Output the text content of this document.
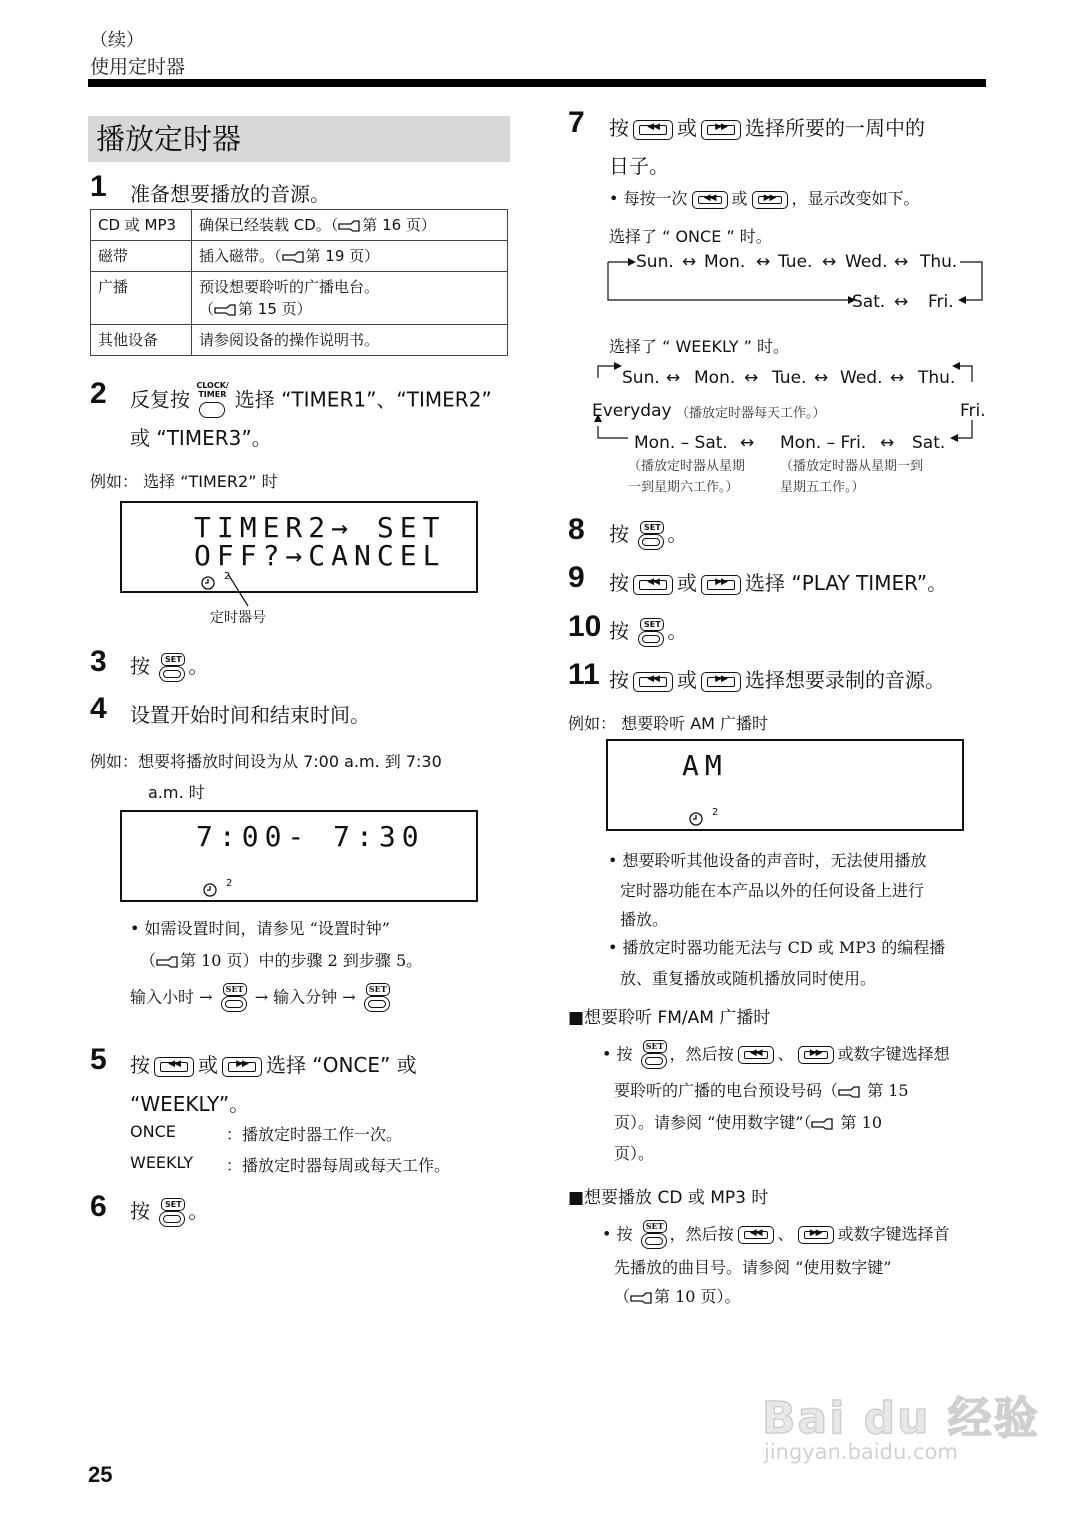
（续）
使用定时器
播放定时器
1 准备想要播放的音源。
CD 或 MP3	确保已经装载 CD。（ 第 16 页）
磁带	插入磁带。（ 第 19 页）
广播	预设想要聆听的广播电台。
（ 第 15 页）
其他设备	请参阅设备的操作说明书。
2 反复按
CLOCK/
TIMER 选择 “TIMER1”、“TIMER2”
或 “TIMER3”。
例如： 选择 “TIMER2” 时
TIMER2→ SET
OFF?→CANCEL
2
定时器号
3 按	SET 。
4 设置开始时间和结束时间。
例如：想要将播放时间设为从 7:00 a.m. 到 7:30
a.m. 时
7:00- 7:30
2
• 如需设置时间，请参见 “设置时钟”
（ 第 10 页）中的步骤 2 到步骤 5。
输入小时 →	SET → 输入分钟 →	SET
5 按	◀◀ 或	▶▶ 选择 “ONCE” 或
“WEEKLY”。
ONCE	：播放定时器工作一次。
WEEKLY ：播放定时器每周或每天工作。
6 按	SET 。
7 按	◀◀ 或	▶▶ 选择所要的一周中的
日子。
• 每按一次	◀◀	或	▶▶	，显示改变如下。
选择了 “ ONCE ” 时。
Sun. ↔ Mon. ↔ Tue. ↔ Wed. ↔ Thu.
Sat. ↔ Fri.
选择了 “ WEEKLY ” 时。
Sun. ↔ Mon. ↔ Tue. ↔ Wed. ↔ Thu.
Everyday （播放定时器每天工作。）	Fri.
Mon. – Sat. ↔ Mon. – Fri. ↔ Sat.
（播放定时器从星期
一到星期六工作。）
（播放定时器从星期一到
星期五工作。）
8 按	SET 。
9 按	◀◀ 或	▶▶ 选择 “PLAY TIMER”。
10 按	SET 。
11 按	◀◀ 或	▶▶ 选择想要录制的音源。
例如： 想要聆听 AM 广播时
AM
2
• 想要聆听其他设备的声音时，无法使用播放
定时器功能在本产品以外的任何设备上进行
播放。
• 播放定时器功能无法与 CD 或 MP3 的编程播
放、重复播放或随机播放同时使用。
■想要聆听 FM/AM 广播时
• 按	SET ，然后按	◀◀	、	▶▶	或数字键选择想
要聆听的广播的电台预设号码（ 第 15
页）。请参阅 “使用数字键”（ 第 10
页）。
■想要播放 CD 或 MP3 时
• 按	SET ，然后按	◀◀	、	▶▶	或数字键选择首
先播放的曲目号。请参阅 “使用数字键”
（ 第 10 页）。
Bai du 经验
jingyan.baidu.com
25
